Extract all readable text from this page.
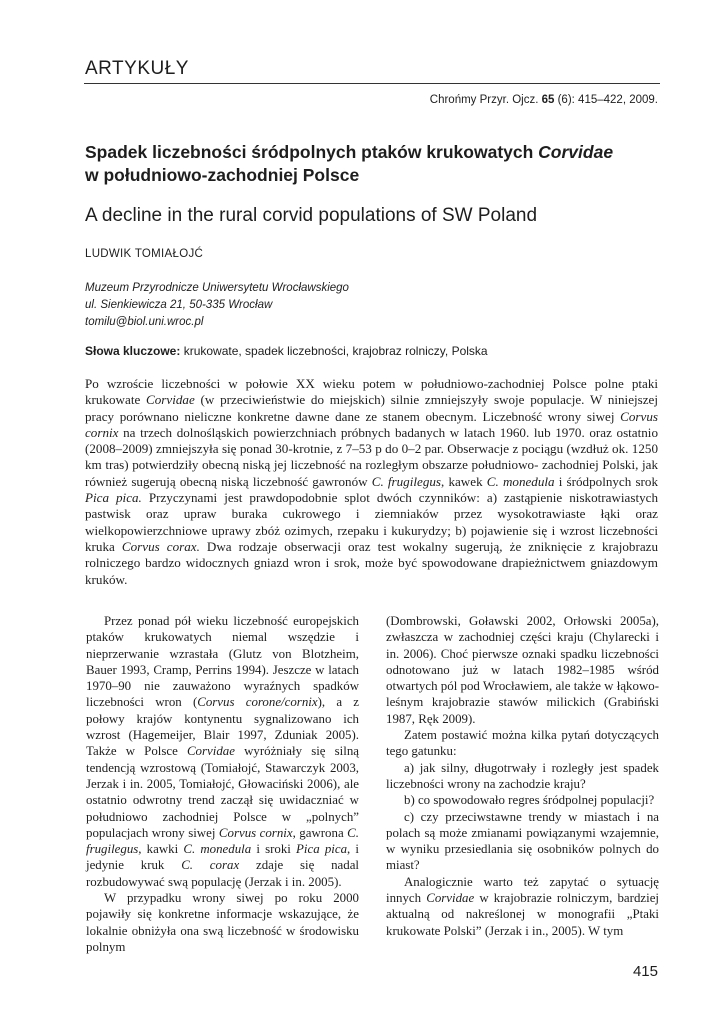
ARTYKUŁY
Chrońmy Przyr. Ojcz. 65 (6): 415–422, 2009.
Spadek liczebności śródpolnych ptaków krukowatych Corvidae
w południowo-zachodniej Polsce
A decline in the rural corvid populations of SW Poland
LUDWIK TOMIAŁOJĆ
Muzeum Przyrodnicze Uniwersytetu Wrocławskiego
ul. Sienkiewicza 21, 50-335 Wrocław
tomilu@biol.uni.wroc.pl
Słowa kluczowe: krukowate, spadek liczebności, krajobraz rolniczy, Polska
Po wzroście liczebności w połowie XX wieku potem w południowo-zachodniej Polsce polne ptaki krukowate Corvidae (w przeciwieństwie do miejskich) silnie zmniejszyły swoje populacje. W niniejszej pracy porównano nieliczne konkretne dawne dane ze stanem obecnym. Liczebność wrony siwej Corvus cornix na trzech dolnośląskich powierzchniach próbnych badanych w latach 1960. lub 1970. oraz ostatnio (2008–2009) zmniejszyła się ponad 30-krotnie, z 7–53 p do 0–2 par. Obserwacje z pociągu (wzdłuż ok. 1250 km tras) potwierdziły obecną niską jej liczebność na rozległym obszarze południowo- zachodniej Polski, jak również sugerują obecną niską liczebność gawronów C. frugilegus, kawek C. monedula i śródpolnych srok Pica pica. Przyczynami jest prawdopodobnie splot dwóch czynników: a) zastąpienie niskotrawiastych pastwisk oraz upraw buraka cukrowego i ziemniaków przez wysokotrawiaste łąki oraz wielkopowierzchniowe uprawy zbóż ozimych, rzepaku i kukurydzy; b) pojawienie się i wzrost liczebności kruka Corvus corax. Dwa rodzaje obserwacji oraz test wokalny sugerują, że zniknięcie z krajobrazu rolniczego bardzo widocznych gniazd wron i srok, może być spowodowane drapieżnictwem gniazdowym kruków.

Przez ponad pół wieku liczebność europejskich ptaków krukowatych niemal wszędzie i nieprzerwanie wzrastała (Glutz von Blotzheim, Bauer 1993, Cramp, Perrins 1994). Jeszcze w latach 1970–90 nie zauważono wyraźnych spadków liczebności wron (Corvus corone/cornix), a z połowy krajów kontynentu sygnalizowano ich wzrost (Hagemeijer, Blair 1997, Zduniak 2005). Także w Polsce Corvidae wyróżniały się silną tendencją wzrostową (Tomiałojć, Stawarczyk 2003, Jerzak i in. 2005, Tomiałojć, Głowaciński 2006), ale ostatnio odwrotny trend zaczął się uwidaczniać w południowo zachodniej Polsce w „polnych” populacjach wrony siwej Corvus cornix, gawrona C. frugilegus, kawki C. monedula i sroki Pica pica, i jedynie kruk C. corax zdaje się nadal rozbudowywać swą populację (Jerzak i in. 2005).

W przypadku wrony siwej po roku 2000 pojawiły się konkretne informacje wskazujące, że lokalnie obniżyła ona swą liczebność w środowisku polnym

(Dombrowski, Goławski 2002, Orłowski 2005a), zwłaszcza w zachodniej części kraju (Chylarecki i in. 2006). Choć pierwsze oznaki spadku liczebności odnotowano już w latach 1982–1985 wśród otwartych pól pod Wrocławiem, ale także w łąkowo-leśnym krajobrazie stawów milickich (Grabiński 1987, Ręk 2009).

Zatem postawić można kilka pytań dotyczących tego gatunku:

a) jak silny, długotrwały i rozległy jest spadek liczebności wrony na zachodzie kraju?

b) co spowodowało regres śródpolnej populacji?

c) czy przeciwstawne trendy w miastach i na polach są może zmianami powiązanymi wzajemnie, w wyniku przesiedlania się osobników polnych do miast?

Analogicznie warto też zapytać o sytuację innych Corvidae w krajobrazie rolniczym, bardziej aktualną od nakreślonej w monografii „Ptaki krukowate Polski” (Jerzak i in., 2005). W tym

415
